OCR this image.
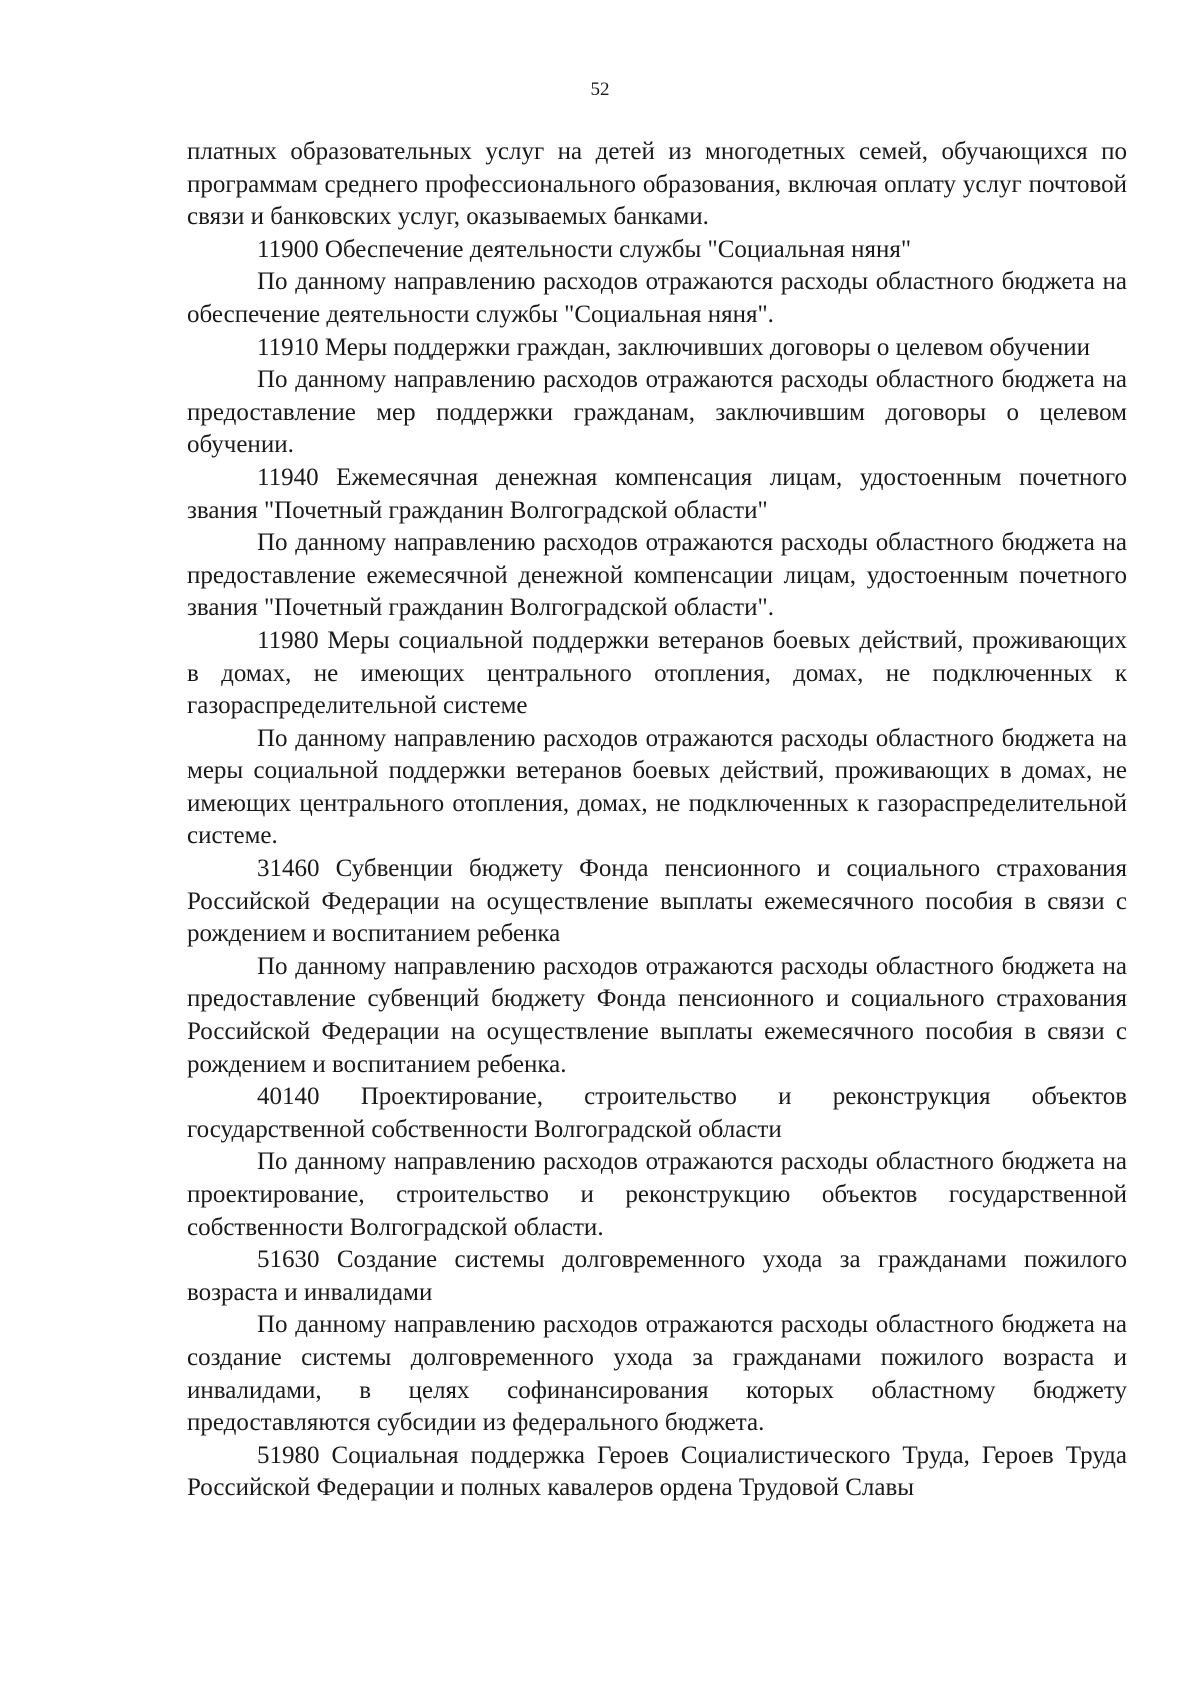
52

платных образовательных услуг на детей из многодетных семей, обучающихся по программам среднего профессионального образования, включая оплату услуг почтовой связи и банковских услуг, оказываемых банками.

11900 Обеспечение деятельности службы "Социальная няня"

По данному направлению расходов отражаются расходы областного бюджета на обеспечение деятельности службы "Социальная няня".

11910 Меры поддержки граждан, заключивших договоры о целевом обучении

По данному направлению расходов отражаются расходы областного бюджета на предоставление мер поддержки гражданам, заключившим договоры о целевом обучении.

11940 Ежемесячная денежная компенсация лицам, удостоенным почетного звания "Почетный гражданин Волгоградской области"

По данному направлению расходов отражаются расходы областного бюджета на предоставление ежемесячной денежной компенсации лицам, удостоенным почетного звания "Почетный гражданин Волгоградской области".

11980 Меры социальной поддержки ветеранов боевых действий, проживающих в домах, не имеющих центрального отопления, домах, не подключенных к газораспределительной системе

По данному направлению расходов отражаются расходы областного бюджета на меры социальной поддержки ветеранов боевых действий, проживающих в домах, не имеющих центрального отопления, домах, не подключенных к газораспределительной системе.

31460 Субвенции бюджету Фонда пенсионного и социального страхования Российской Федерации на осуществление выплаты ежемесячного пособия в связи с рождением и воспитанием ребенка

По данному направлению расходов отражаются расходы областного бюджета на предоставление субвенций бюджету Фонда пенсионного и социального страхования Российской Федерации на осуществление выплаты ежемесячного пособия в связи с рождением и воспитанием ребенка.

40140 Проектирование, строительство и реконструкция объектов государственной собственности Волгоградской области

По данному направлению расходов отражаются расходы областного бюджета на проектирование, строительство и реконструкцию объектов государственной собственности Волгоградской области.

51630 Создание системы долговременного ухода за гражданами пожилого возраста и инвалидами

По данному направлению расходов отражаются расходы областного бюджета на создание системы долговременного ухода за гражданами пожилого возраста и инвалидами, в целях софинансирования которых областному бюджету предоставляются субсидии из федерального бюджета.

51980 Социальная поддержка Героев Социалистического Труда, Героев Труда Российской Федерации и полных кавалеров ордена Трудовой Славы
